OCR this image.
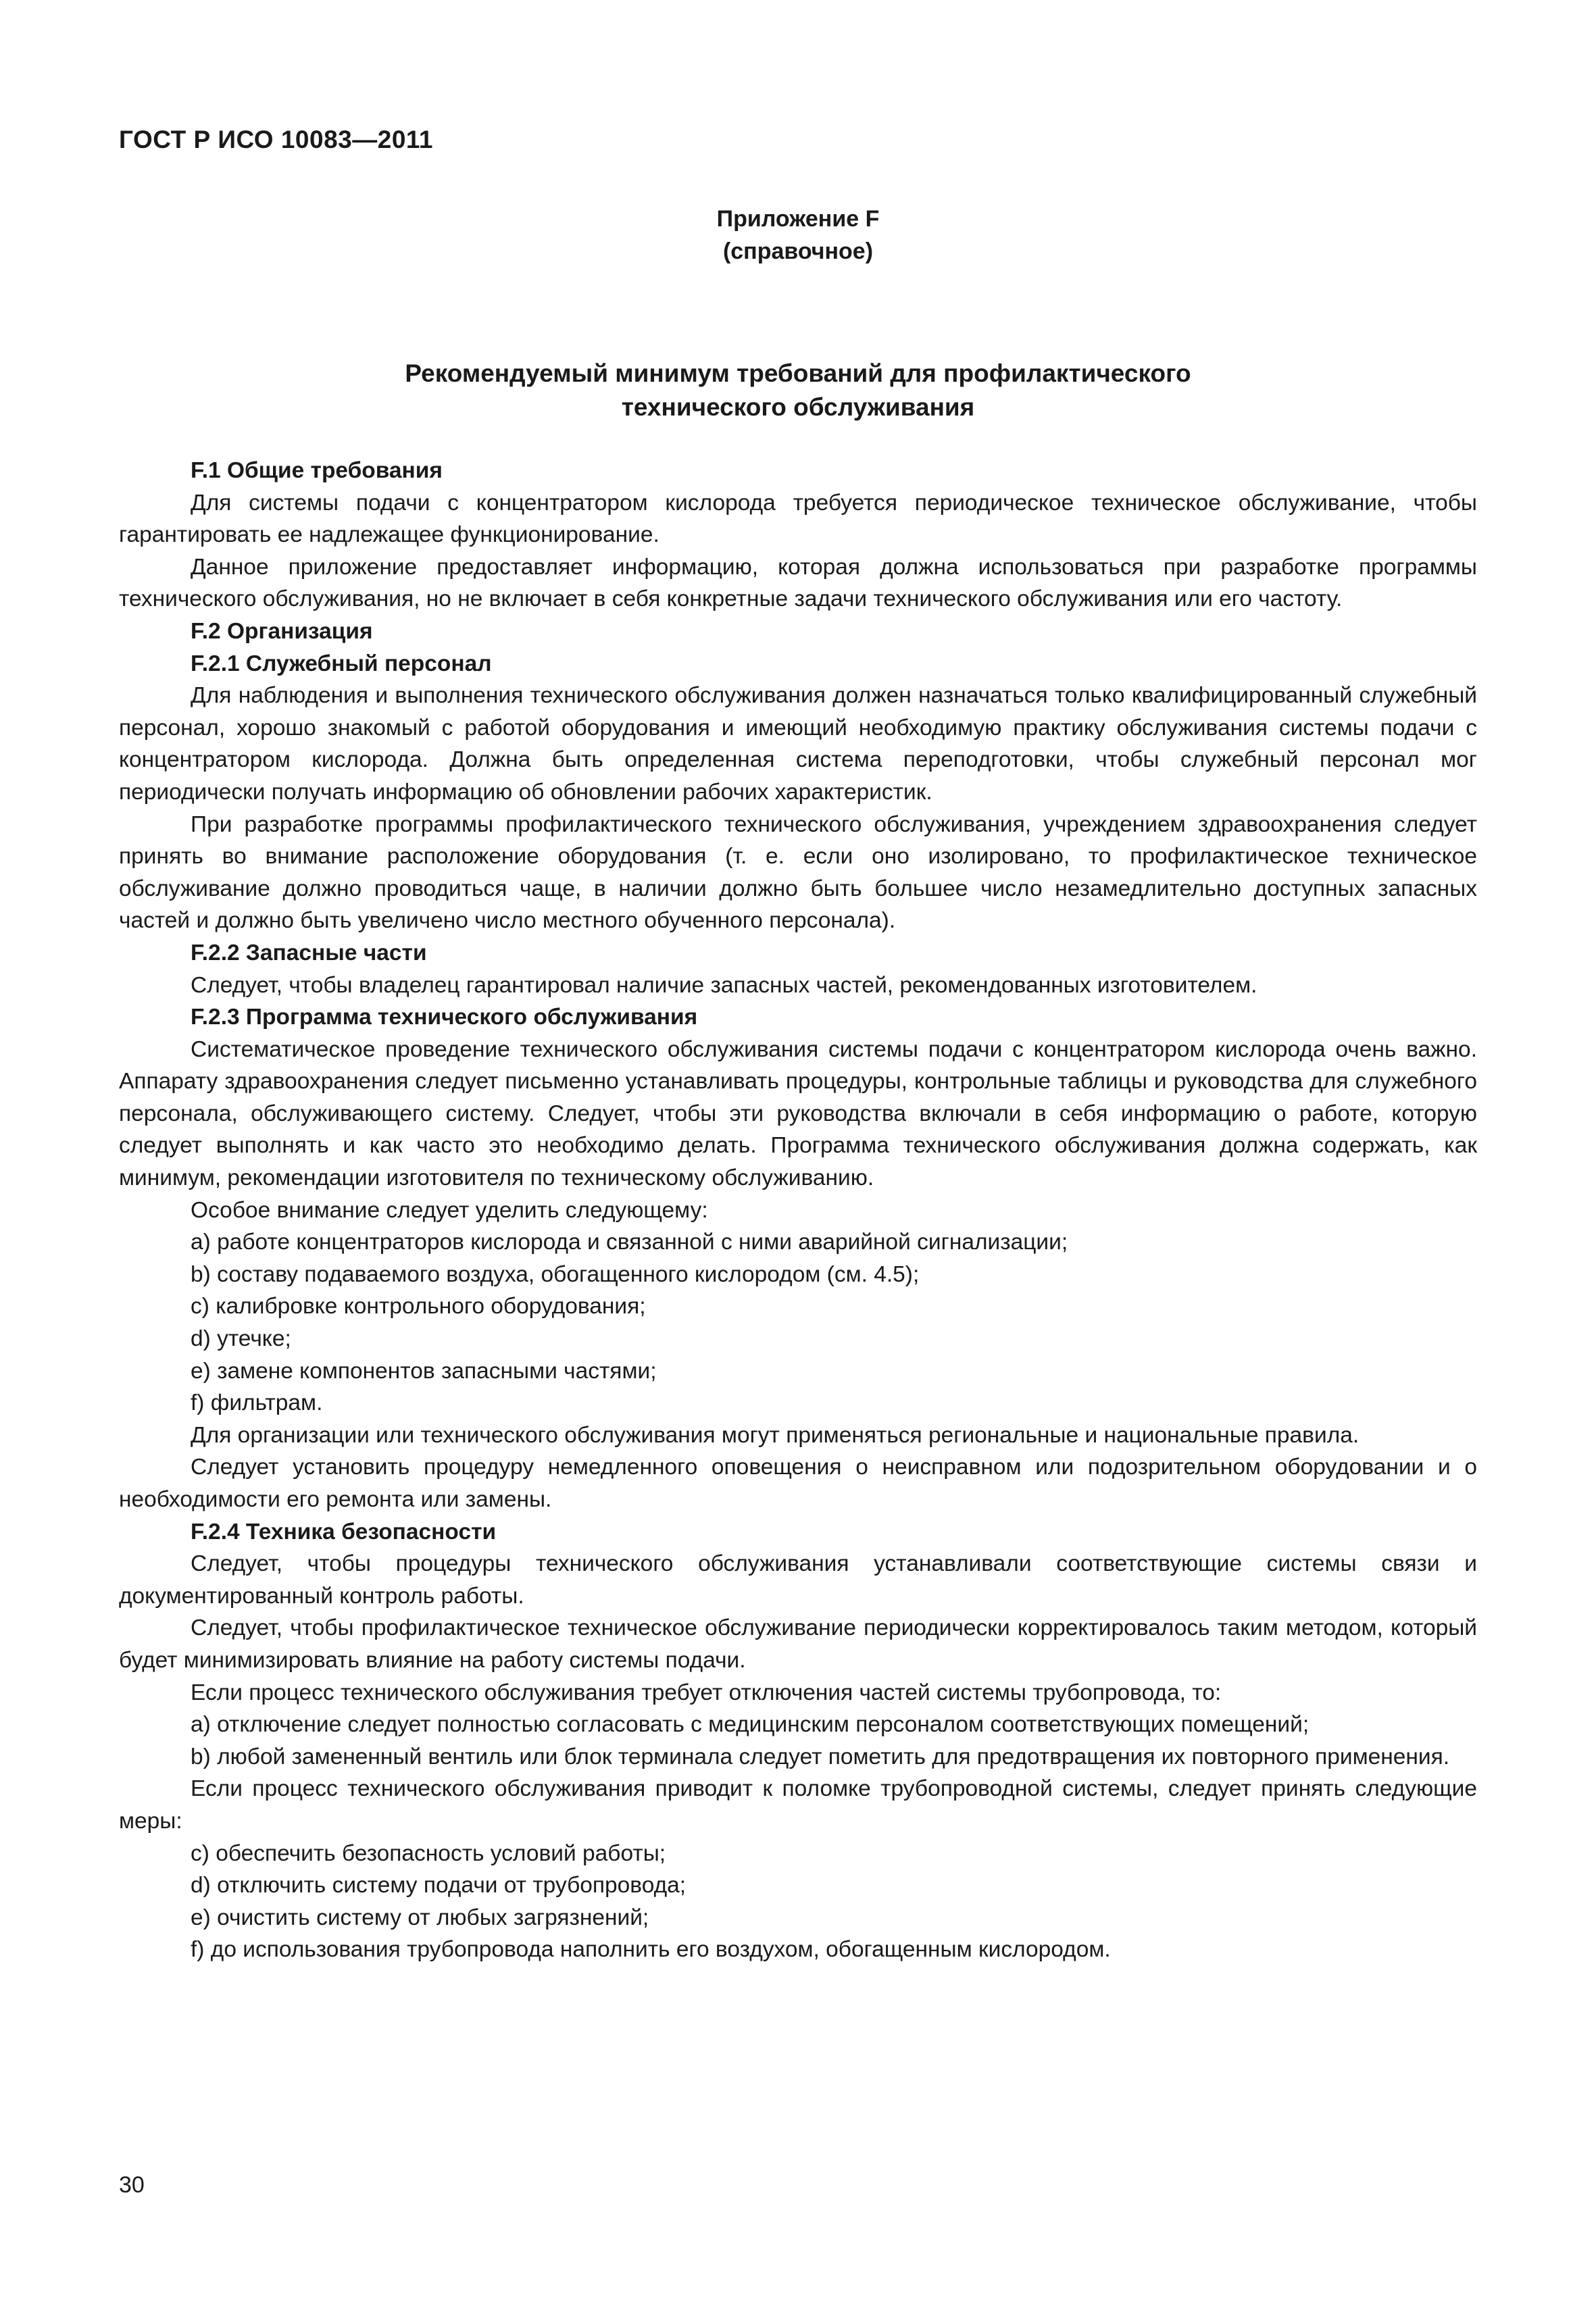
ГОСТ Р ИСО 10083—2011
Приложение F
(справочное)
Рекомендуемый минимум требований для профилактического
технического обслуживания

F.1 Общие требования

Для системы подачи с концентратором кислорода требуется периодическое техническое обслуживание, чтобы гарантировать ее надлежащее функционирование.

Данное приложение предоставляет информацию, которая должна использоваться при разработке программы технического обслуживания, но не включает в себя конкретные задачи технического обслуживания или его частоту.

F.2 Организация

F.2.1 Служебный персонал

Для наблюдения и выполнения технического обслуживания должен назначаться только квалифицированный служебный персонал, хорошо знакомый с работой оборудования и имеющий необходимую практику обслуживания системы подачи с концентратором кислорода. Должна быть определенная система переподготовки, чтобы служебный персонал мог периодически получать информацию об обновлении рабочих характеристик.

При разработке программы профилактического технического обслуживания, учреждением здравоохранения следует принять во внимание расположение оборудования (т. е. если оно изолировано, то профилактическое техническое обслуживание должно проводиться чаще, в наличии должно быть большее число незамедлительно доступных запасных частей и должно быть увеличено число местного обученного персонала).

F.2.2 Запасные части

Следует, чтобы владелец гарантировал наличие запасных частей, рекомендованных изготовителем.

F.2.3 Программа технического обслуживания

Систематическое проведение технического обслуживания системы подачи с концентратором кислорода очень важно. Аппарату здравоохранения следует письменно устанавливать процедуры, контрольные таблицы и руководства для служебного персонала, обслуживающего систему. Следует, чтобы эти руководства включали в себя информацию о работе, которую следует выполнять и как часто это необходимо делать. Программа технического обслуживания должна содержать, как минимум, рекомендации изготовителя по техническому обслуживанию.

Особое внимание следует уделить следующему:

a) работе концентраторов кислорода и связанной с ними аварийной сигнализации;

b) составу подаваемого воздуха, обогащенного кислородом (см. 4.5);

c) калибровке контрольного оборудования;

d) утечке;

e) замене компонентов запасными частями;

f) фильтрам.

Для организации или технического обслуживания могут применяться региональные и национальные правила.

Следует установить процедуру немедленного оповещения о неисправном или подозрительном оборудовании и о необходимости его ремонта или замены.

F.2.4 Техника безопасности

Следует, чтобы процедуры технического обслуживания устанавливали соответствующие системы связи и документированный контроль работы.

Следует, чтобы профилактическое техническое обслуживание периодически корректировалось таким методом, который будет минимизировать влияние на работу системы подачи.

Если процесс технического обслуживания требует отключения частей системы трубопровода, то:

a) отключение следует полностью согласовать с медицинским персоналом соответствующих помещений;

b) любой замененный вентиль или блок терминала следует пометить для предотвращения их повторного применения.

Если процесс технического обслуживания приводит к поломке трубопроводной системы, следует принять следующие меры:

c) обеспечить безопасность условий работы;

d) отключить систему подачи от трубопровода;

e) очистить систему от любых загрязнений;

f) до использования трубопровода наполнить его воздухом, обогащенным кислородом.

30
